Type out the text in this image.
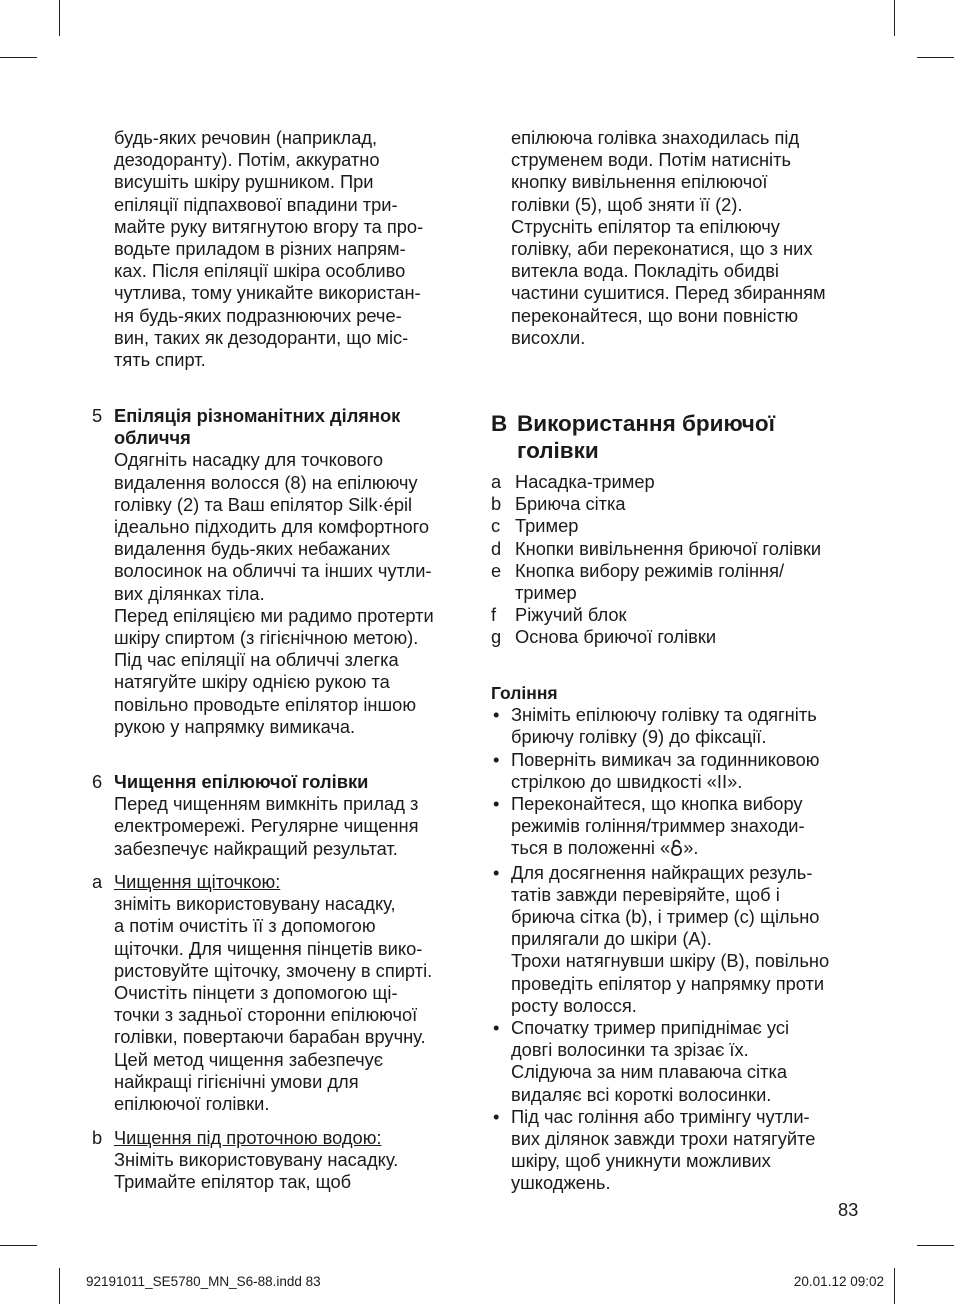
будь-яких речовин (наприклад,
дезодоранту). Потім, аккуратно
висушіть шкіру рушником. При
епіляції підпахвової впадини три-
майте руку витягнутою вгору та про-
водьте приладом в різних напрям-
ках. Після епіляції шкіра особливо
чутлива, тому уникайте використан-
ня будь-яких подразнюючих рече-
вин, таких як дезодоранти, що міс-
тять спирт.
5 Епіляція різноманітних ділянок
обличчя
Одягніть насадку для точкового
видалення волосся (8) на епілюючу
голівку (2) та Ваш епілятор Silk·épil
ідеально підходить для комфортного
видалення будь-яких небажаних
волосинок на обличчі та інших чутли-
вих ділянках тіла.
Перед епіляцією ми радимо протерти
шкіру спиртом (з гігієнічною метою).
Під час епіляції на обличчі злегка
натягуйте шкіру однією рукою та
повільно проводьте епілятор іншою
рукою у напрямку вимикача.
6 Чищення епілюючої голівки
Перед чищенням вимкніть прилад з
електромережі. Регулярне чищення
забезпечує найкращий результат.
a Чищення щіточкою:
зніміть використовувану насадку,
а потім очистіть її з допомогою
щіточки. Для чищення пінцетів вико-
ристовуйте щіточку, змочену в спирті.
Очистіть пінцети з допомогою щі-
точки з задньої сторонни епілюючої
голівки, повертаючи барабан вручну.
Цей метод чищення забезпечує
найкращі гігієнічні умови для
епілюючої голівки.
b Чищення під проточною водою:
Зніміть використовувану насадку.
Тримайте епілятор так, щоб
епілююча голівка знаходилась під
струменем води. Потім натисніть
кнопку вивільнення епілюючої
голівки (5), щоб зняти її (2).
Струсніть епілятор та епілюючу
голівку, аби переконатися, що з них
витекла вода. Покладіть обидві
частини сушитися. Перед збиранням
переконайтеся, що вони повністю
висохли.
B Використання бриючої
голівки
a Насадка-тример
b Бриюча сітка
c Тример
d Кнопки вивільнення бриючої голівки
e Кнопка вибору режимів гоління/
тример
f Ріжучий блок
g Основа бриючої голівки
Гоління
• Зніміть епілюючу голівку та одягніть
бриючу голівку (9) до фіксації.
• Поверніть вимикач за годинниковою
стрілкою до швидкості «II».
• Переконайтеся, що кнопка вибору
режимів гоління/триммер знаходи-
ться в положенні « ».
• Для досягнення найкращих резуль-
татів завжди перевіряйте, щоб і
бриюча сітка (b), і тример (c) щільно
прилягали до шкіри (A).
Трохи натягнувши шкіру (B), повільно
проведіть епілятор у напрямку проти
росту волосся.
• Спочатку тример припіднімає усі
довгі волосинки та зрізає їх.
Слідуюча за ним плаваюча сітка
видаляє всі короткі волосинки.
• Під час гоління або тримінгу чутли-
вих ділянок завжди трохи натягуйте
шкіру, щоб уникнути можливих
ушкоджень.
83
92191011_SE5780_MN_S6-88.indd 83	20.01.12 09:02
